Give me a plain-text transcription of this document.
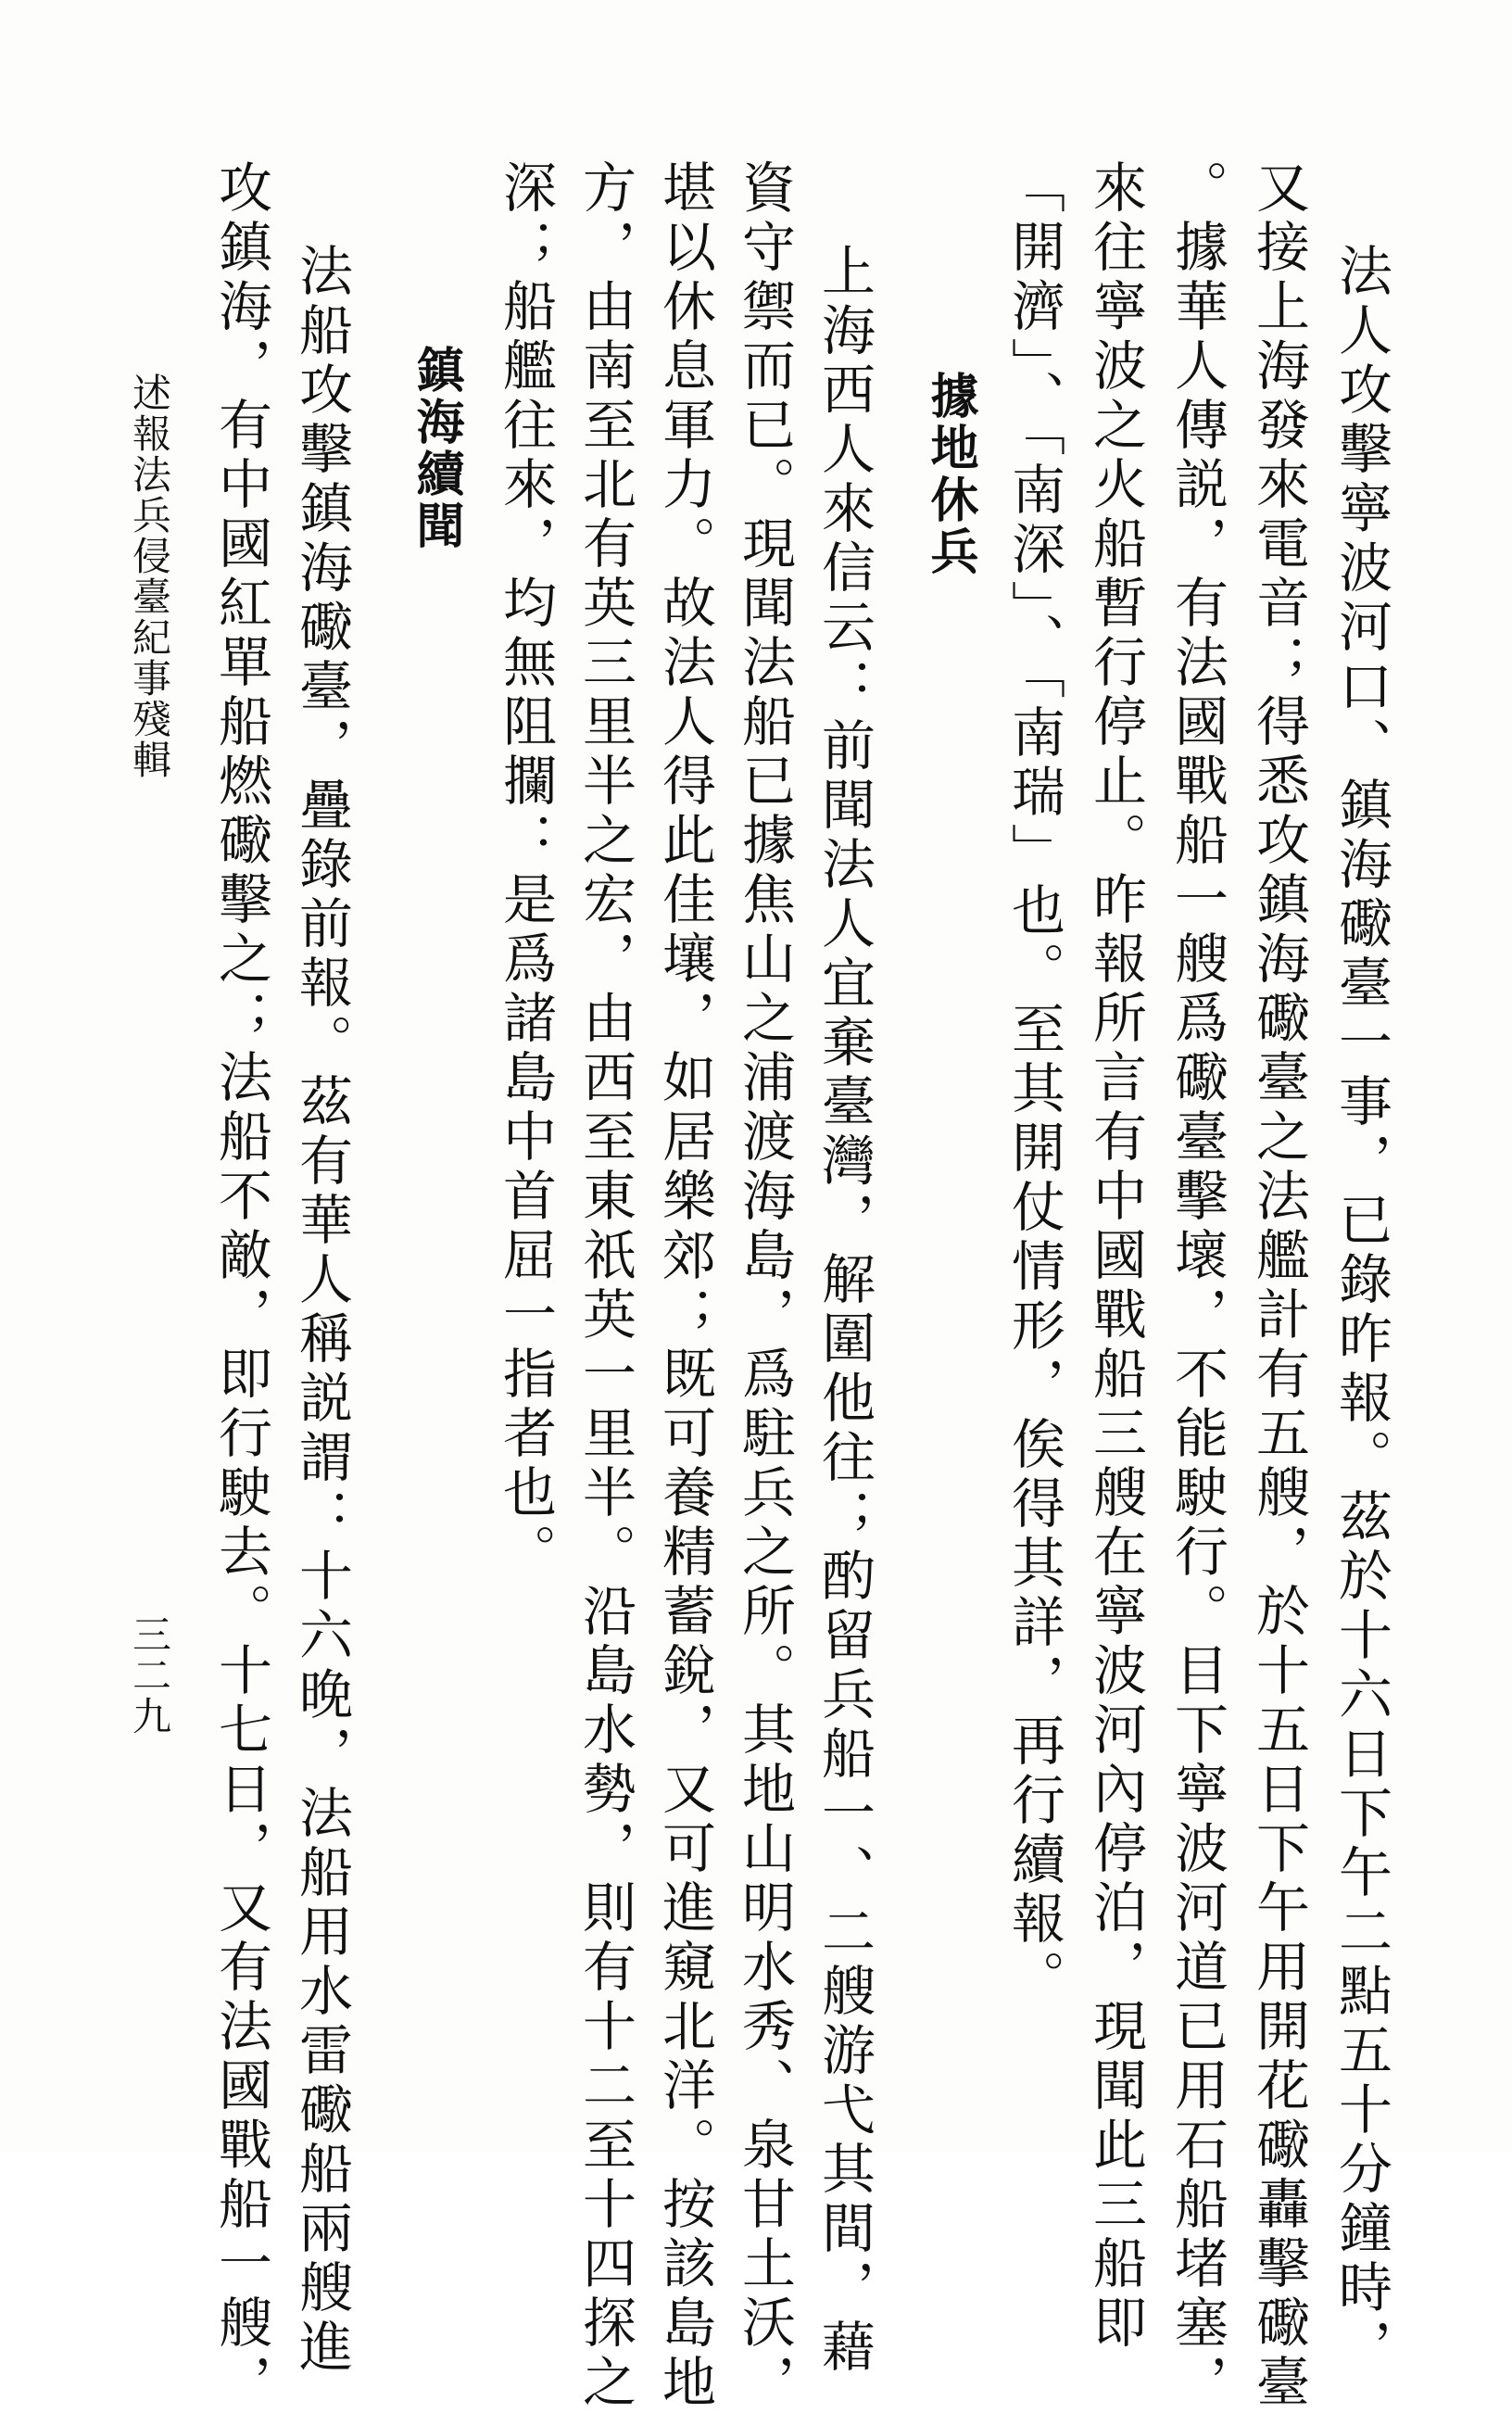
法人攻擊寧波河口、鎮海礮臺一事，已錄昨報。茲於十六日下午二點五十分鐘時，

又接上海發來電音；得悉攻鎮海礮臺之法艦計有五艘，於十五日下午用開花礮轟擊礮臺

。據華人傳説，有法國戰船一艘爲礮臺擊壞，不能駛行。目下寧波河道已用石船堵塞，

來往寧波之火船暫行停止。昨報所言有中國戰船三艘在寧波河內停泊，現聞此三船即

「開濟」、「南深」、「南瑞」也。至其開仗情形，俟得其詳，再行續報。

據地休兵

上海西人來信云：前聞法人宜棄臺灣，解圍他往；酌留兵船一、二艘游弋其間，藉

資守禦而已。現聞法船已據焦山之浦渡海島，爲駐兵之所。其地山明水秀、泉甘土沃，

堪以休息軍力。故法人得此佳壤，如居樂郊；既可養精蓄銳，又可進窺北洋。按該島地

方，由南至北有英三里半之宏，由西至東祇英一里半。沿島水勢，則有十二至十四探之

深；船艦往來，均無阻攔：是爲諸島中首屈一指者也。

鎮海續聞

法船攻擊鎮海礮臺，疊錄前報。茲有華人稱説謂：十六晚，法船用水雷礮船兩艘進

攻鎮海，有中國紅單船燃礮擊之；法船不敵，即行駛去。十七日，又有法國戰船一艘，

述報法兵侵臺紀事殘輯
三二九
